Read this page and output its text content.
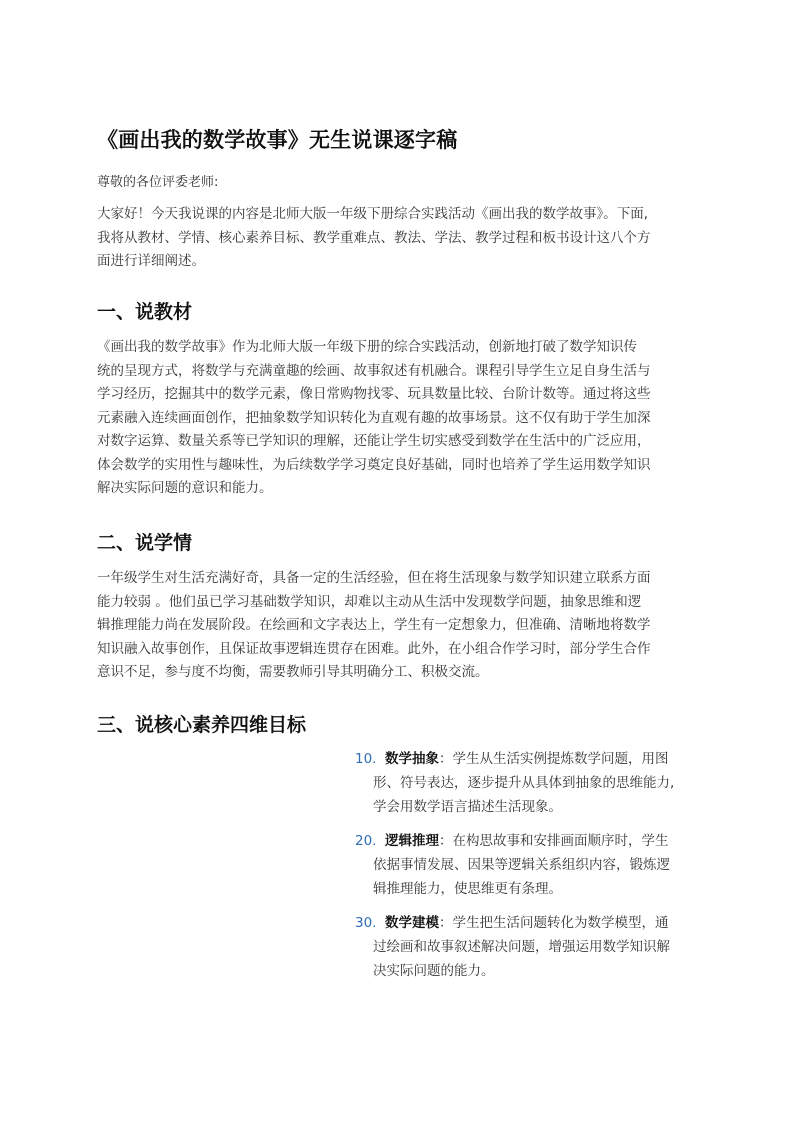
《画出我的数学故事》无生说课逐字稿
尊敬的各位评委老师:
大家好！今天我说课的内容是北师大版一年级下册综合实践活动《画出我的数学故事》。下面,
我将从教材、学情、核心素养目标、教学重难点、教法、学法、教学过程和板书设计这八个方
面进行详细阐述。
一、说教材
《画出我的数学故事》作为北师大版一年级下册的综合实践活动，创新地打破了数学知识传
统的呈现方式，将数学与充满童趣的绘画、故事叙述有机融合。课程引导学生立足自身生活与
学习经历，挖掘其中的数学元素，像日常购物找零、玩具数量比较、台阶计数等。通过将这些
元素融入连续画面创作，把抽象数学知识转化为直观有趣的故事场景。这不仅有助于学生加深
对数字运算、数量关系等已学知识的理解，还能让学生切实感受到数学在生活中的广泛应用，
体会数学的实用性与趣味性，为后续数学学习奠定良好基础，同时也培养了学生运用数学知识
解决实际问题的意识和能力。
二、说学情
一年级学生对生活充满好奇，具备一定的生活经验，但在将生活现象与数学知识建立联系方面
能力较弱 。他们虽已学习基础数学知识，却难以主动从生活中发现数学问题，抽象思维和逻
辑推理能力尚在发展阶段。在绘画和文字表达上，学生有一定想象力，但准确、清晰地将数学
知识融入故事创作，且保证故事逻辑连贯存在困难。此外，在小组合作学习时，部分学生合作
意识不足，参与度不均衡，需要教师引导其明确分工、积极交流。
三、说核心素养四维目标
10. 数学抽象：学生从生活实例提炼数学问题，用图
形、符号表达，逐步提升从具体到抽象的思维能力,
学会用数学语言描述生活现象。
20. 逻辑推理：在构思故事和安排画面顺序时，学生
依据事情发展、因果等逻辑关系组织内容，锻炼逻
辑推理能力，使思维更有条理。
30. 数学建模：学生把生活问题转化为数学模型，通
过绘画和故事叙述解决问题，增强运用数学知识解
决实际问题的能力。
